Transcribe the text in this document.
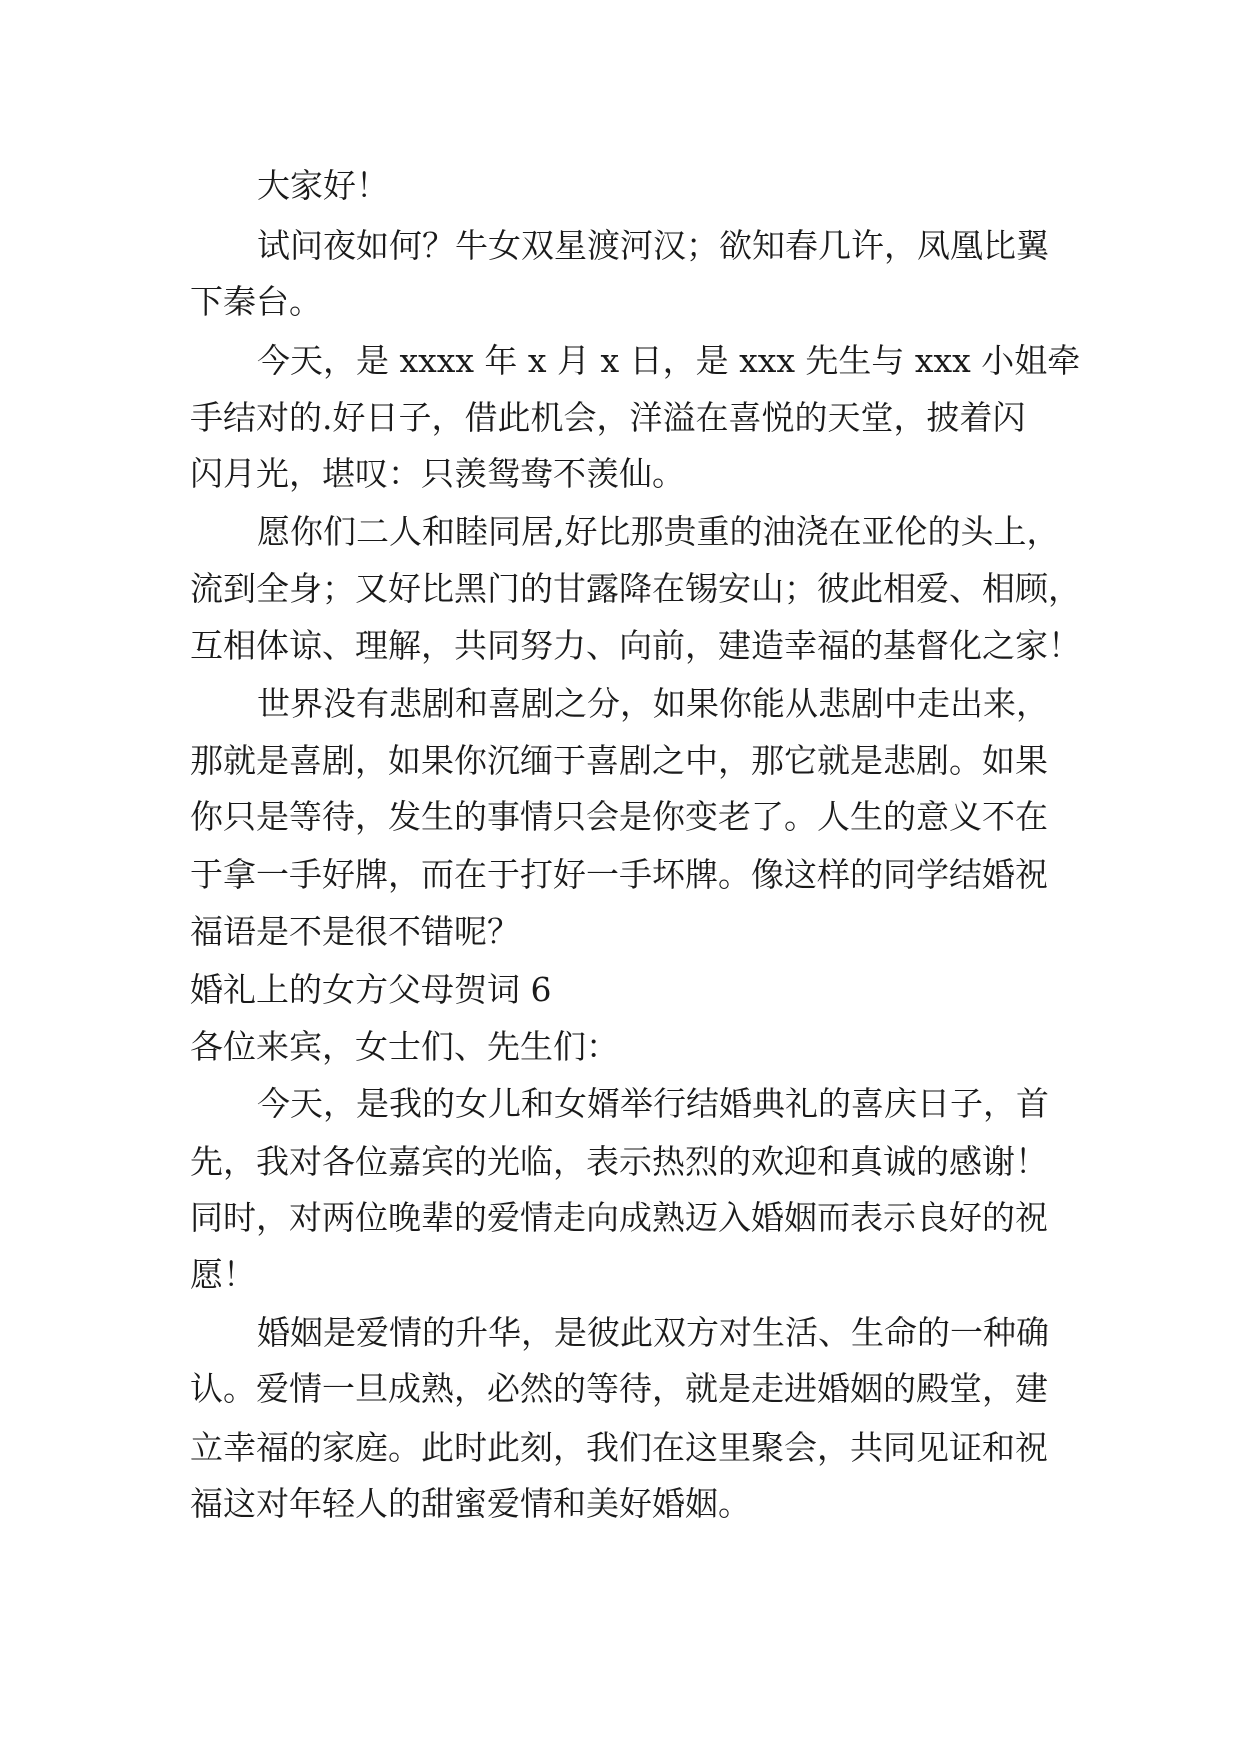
大家好！
试问夜如何？牛女双星渡河汉；欲知春几许，凤凰比翼
下秦台。
今天，是 xxxx 年 x 月 x 日，是 xxx 先生与 xxx 小姐牵
手结对的.好日子，借此机会，洋溢在喜悦的天堂，披着闪
闪月光，堪叹：只羡鸳鸯不羡仙。
愿你们二人和睦同居,好比那贵重的油浇在亚伦的头上，
流到全身；又好比黑门的甘露降在锡安山；彼此相爱、相顾，
互相体谅、理解，共同努力、向前，建造幸福的基督化之家！
世界没有悲剧和喜剧之分，如果你能从悲剧中走出来，
那就是喜剧，如果你沉缅于喜剧之中，那它就是悲剧。如果
你只是等待，发生的事情只会是你变老了。人生的意义不在
于拿一手好牌，而在于打好一手坏牌。像这样的同学结婚祝
福语是不是很不错呢？
婚礼上的女方父母贺词 6
各位来宾，女士们、先生们：
今天，是我的女儿和女婿举行结婚典礼的喜庆日子，首
先，我对各位嘉宾的光临，表示热烈的欢迎和真诚的感谢！
同时，对两位晚辈的爱情走向成熟迈入婚姻而表示良好的祝
愿！
婚姻是爱情的升华，是彼此双方对生活、生命的一种确
认。爱情一旦成熟，必然的等待，就是走进婚姻的殿堂，建
立幸福的家庭。此时此刻，我们在这里聚会，共同见证和祝
福这对年轻人的甜蜜爱情和美好婚姻。
